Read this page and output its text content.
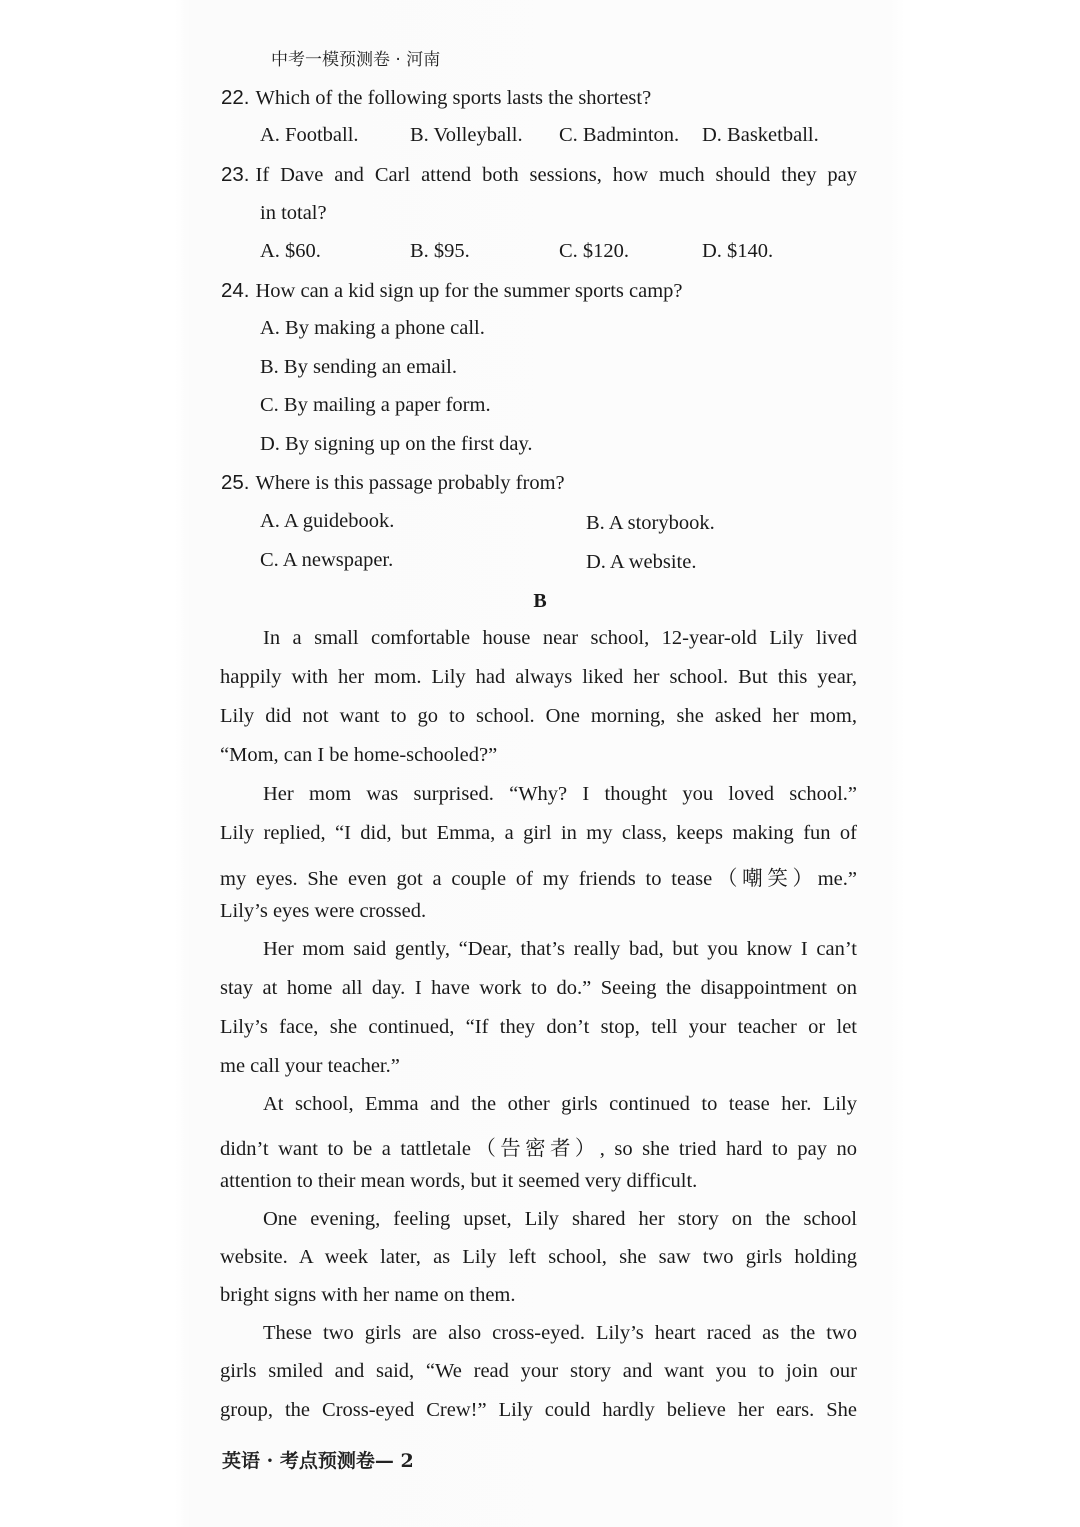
中考一模预测卷 · 河南
22. Which of the following sports lasts the shortest?
A. Football.	B. Volleyball. C. Badminton. D. Basketball.
23. If Dave and Carl attend both sessions, how much should they pay
in total?
A. $60.	B. $95.	C. $120.	D. $140.
24. How can a kid sign up for the summer sports camp?
A. By making a phone call.
B. By sending an email.
C. By mailing a paper form.
D. By signing up on the first day.
25. Where is this passage probably from?
A. A guidebook.	B. A storybook.
C. A newspaper.	D. A website.
B
In a small comfortable house near school, 12-year-old Lily lived
happily with her mom. Lily had always liked her school. But this year,
Lily did not want to go to school. One morning, she asked her mom,
“Mom, can I be home-schooled?”
Her mom was surprised. “Why? I thought you loved school.”
Lily replied, “I did, but Emma, a girl in my class, keeps making fun of
my eyes. She even got a couple of my friends to tease（嘲笑）me.”
Lily’s eyes were crossed.
Her mom said gently, “Dear, that’s really bad, but you know I can’t
stay at home all day. I have work to do.” Seeing the disappointment on
Lily’s face, she continued, “If they don’t stop, tell your teacher or let
me call your teacher.”
At school, Emma and the other girls continued to tease her. Lily
didn’t want to be a tattletale（告密者）, so she tried hard to pay no
attention to their mean words, but it seemed very difficult.
One evening, feeling upset, Lily shared her story on the school
website. A week later, as Lily left school, she saw two girls holding
bright signs with her name on them.
These two girls are also cross-eyed. Lily’s heart raced as the two
girls smiled and said, “We read your story and want you to join our
group, the Cross-eyed Crew!” Lily could hardly believe her ears. She
英语 · 考点预测卷— 2
